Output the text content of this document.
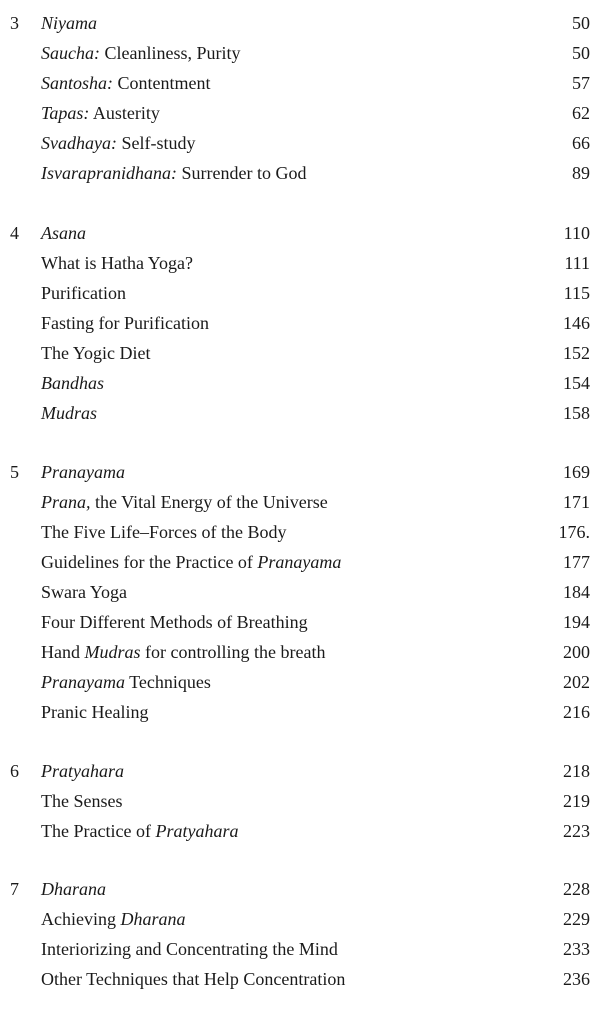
3 Niyama	50
Saucha: Cleanliness, Purity	50
Santosha: Contentment	57
Tapas: Austerity	62
Svadhaya: Self-study	66
Isvarapranidhana: Surrender to God	89
4 Asana	110
What is Hatha Yoga?	111
Purification	115
Fasting for Purification	146
The Yogic Diet	152
Bandhas	154
Mudras	158
5 Pranayama	169
Prana, the Vital Energy of the Universe	171
The Five Life–Forces of the Body	176.
Guidelines for the Practice of Pranayama	177
Swara Yoga	184
Four Different Methods of Breathing	194
Hand Mudras for controlling the breath	200
Pranayama Techniques	202
Pranic Healing	216
6 Pratyahara	218
The Senses	219
The Practice of Pratyahara	223
7 Dharana	228
Achieving Dharana	229
Interiorizing and Concentrating the Mind	233
Other Techniques that Help Concentration	236
